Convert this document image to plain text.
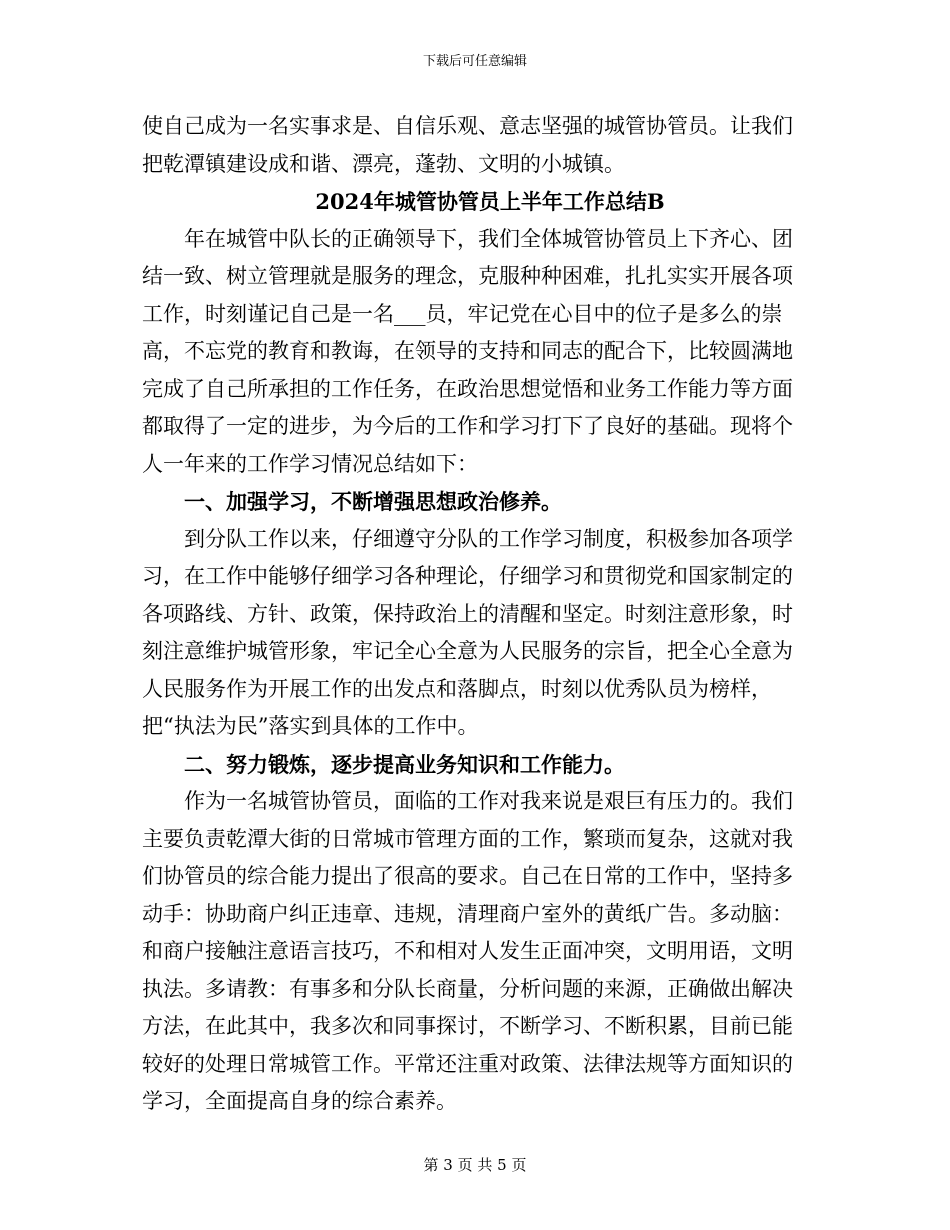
下载后可任意编辑

使自己成为一名实事求是、自信乐观、意志坚强的城管协管员。让我们把乾潭镇建设成和谐、漂亮，蓬勃、文明的小城镇。

2024年城管协管员上半年工作总结B

年在城管中队长的正确领导下，我们全体城管协管员上下齐心、团结一致、树立管理就是服务的理念，克服种种困难，扎扎实实开展各项工作，时刻谨记自己是一名___员，牢记党在心目中的位子是多么的崇高，不忘党的教育和教诲，在领导的支持和同志的配合下，比较圆满地完成了自己所承担的工作任务，在政治思想觉悟和业务工作能力等方面都取得了一定的进步，为今后的工作和学习打下了良好的基础。现将个人一年来的工作学习情况总结如下：

一、加强学习，不断增强思想政治修养。

到分队工作以来，仔细遵守分队的工作学习制度，积极参加各项学习，在工作中能够仔细学习各种理论，仔细学习和贯彻党和国家制定的各项路线、方针、政策，保持政治上的清醒和坚定。时刻注意形象，时刻注意维护城管形象，牢记全心全意为人民服务的宗旨，把全心全意为人民服务作为开展工作的出发点和落脚点，时刻以优秀队员为榜样，把“执法为民”落实到具体的工作中。

二、努力锻炼，逐步提高业务知识和工作能力。

作为一名城管协管员，面临的工作对我来说是艰巨有压力的。我们主要负责乾潭大街的日常城市管理方面的工作，繁琐而复杂，这就对我们协管员的综合能力提出了很高的要求。自己在日常的工作中，坚持多动手：协助商户纠正违章、违规，清理商户室外的黄纸广告。多动脑：和商户接触注意语言技巧，不和相对人发生正面冲突，文明用语，文明执法。多请教：有事多和分队长商量，分析问题的来源，正确做出解决方法，在此其中，我多次和同事探讨，不断学习、不断积累，目前已能较好的处理日常城管工作。平常还注重对政策、法律法规等方面知识的学习，全面提高自身的综合素养。

第 3 页 共 5 页
